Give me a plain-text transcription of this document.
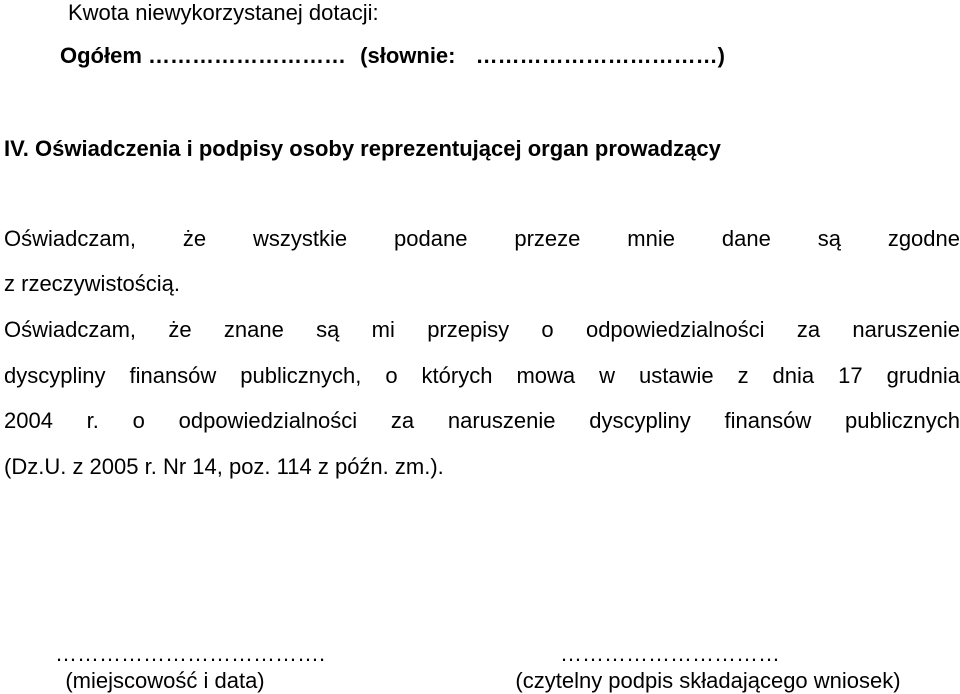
Kwota niewykorzystanej dotacji:
Ogółem ……………………… (słownie: ……………………………)
IV. Oświadczenia i podpisy osoby reprezentującej organ prowadzący
Oświadczam, że wszystkie podane przeze mnie dane są zgodne
z rzeczywistością.
Oświadczam, że znane są mi przepisy o odpowiedzialności za naruszenie
dyscypliny finansów publicznych, o których mowa w ustawie z dnia 17 grudnia
2004 r. o odpowiedzialności za naruszenie dyscypliny finansów publicznych
(Dz.U. z 2005 r. Nr 14, poz. 114 z późn. zm.).
……………………………….
(miejscowość i data)
…………………………
(czytelny podpis składającego wniosek)
